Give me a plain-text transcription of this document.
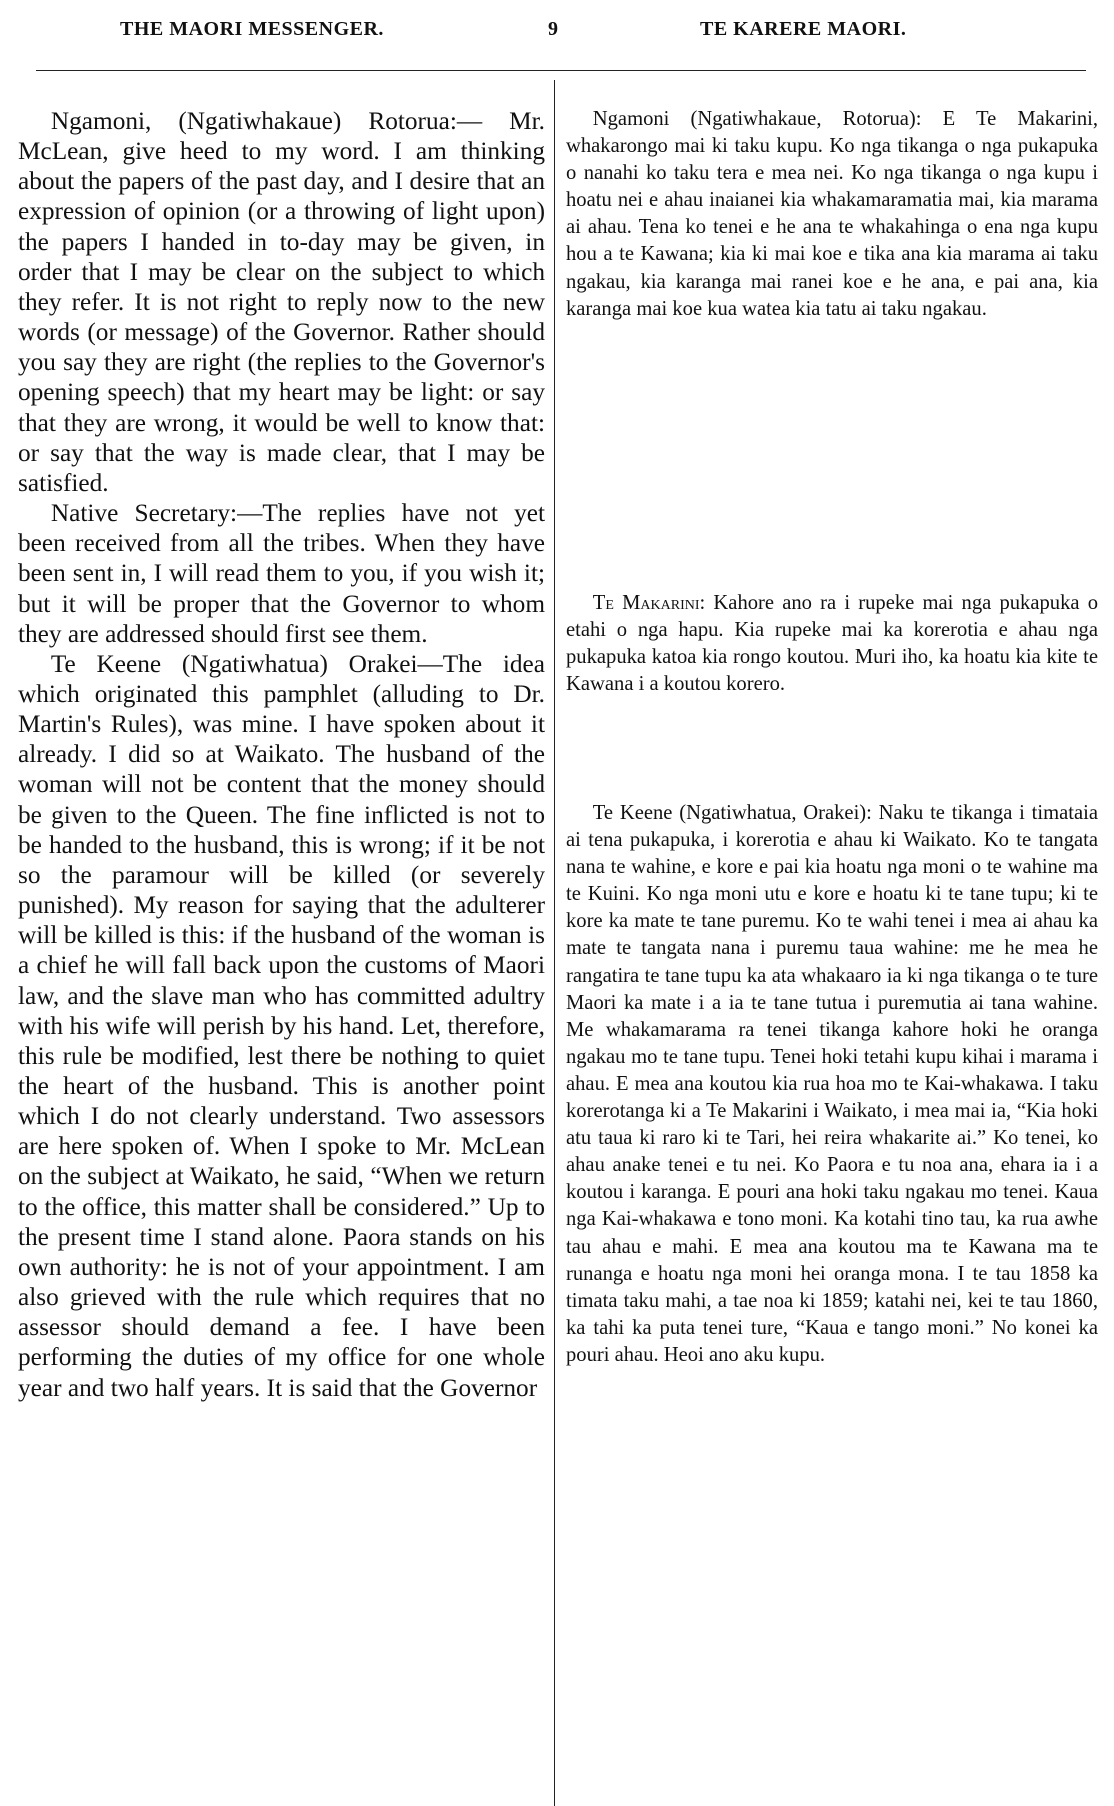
THE MAORI MESSENGER.	9	TE KARERE MAORI.

Ngamoni, (Ngatiwhakaue) Rotorua:— Mr. McLean, give heed to my word. I am thinking about the papers of the past day, and I desire that an expression of opinion (or a throwing of light upon) the papers I handed in to-day may be given, in order that I may be clear on the subject to which they refer. It is not right to reply now to the new words (or message) of the Governor. Rather should you say they are right (the replies to the Governor's opening speech) that my heart may be light: or say that they are wrong, it would be well to know that: or say that the way is made clear, that I may be satisfied.

Native Secretary:—The replies have not yet been received from all the tribes. When they have been sent in, I will read them to you, if you wish it; but it will be proper that the Governor to whom they are addressed should first see them.

Te Keene (Ngatiwhatua) Orakei—The idea which originated this pamphlet (alluding to Dr. Martin's Rules), was mine. I have spoken about it already. I did so at Waikato. The husband of the woman will not be content that the money should be given to the Queen. The fine inflicted is not to be handed to the husband, this is wrong; if it be not so the paramour will be killed (or severely punished). My reason for saying that the adulterer will be killed is this: if the husband of the woman is a chief he will fall back upon the customs of Maori law, and the slave man who has committed adultry with his wife will perish by his hand. Let, therefore, this rule be modified, lest there be nothing to quiet the heart of the husband. This is another point which I do not clearly understand. Two assessors are here spoken of. When I spoke to Mr. McLean on the subject at Waikato, he said, “When we return to the office, this matter shall be considered.” Up to the present time I stand alone. Paora stands on his own authority: he is not of your appointment. I am also grieved with the rule which requires that no assessor should demand a fee. I have been performing the duties of my office for one whole year and two half years. It is said that the Governor

Ngamoni (Ngatiwhakaue, Rotorua): E Te Makarini, whakarongo mai ki taku kupu. Ko nga tikanga o nga pukapuka o nanahi ko taku tera e mea nei. Ko nga tikanga o nga kupu i hoatu nei e ahau inaianei kia whakamaramatia mai, kia marama ai ahau. Tena ko tenei e he ana te whakahinga o ena nga kupu hou a te Kawana; kia ki mai koe e tika ana kia marama ai taku ngakau, kia karanga mai ranei koe e he ana, e pai ana, kia karanga mai koe kua watea kia tatu ai taku ngakau.

Te Makarini: Kahore ano ra i rupeke mai nga pukapuka o etahi o nga hapu. Kia rupeke mai ka korerotia e ahau nga pukapuka katoa kia rongo koutou. Muri iho, ka hoatu kia kite te Kawana i a koutou korero.

Te Keene (Ngatiwhatua, Orakei): Naku te tikanga i timataia ai tena pukapuka, i korerotia e ahau ki Waikato. Ko te tangata nana te wahine, e kore e pai kia hoatu nga moni o te wahine ma te Kuini. Ko nga moni utu e kore e hoatu ki te tane tupu; ki te kore ka mate te tane puremu. Ko te wahi tenei i mea ai ahau ka mate te tangata nana i puremu taua wahine: me he mea he rangatira te tane tupu ka ata whakaaro ia ki nga tikanga o te ture Maori ka mate i a ia te tane tutua i puremutia ai tana wahine. Me whakamarama ra tenei tikanga kahore hoki he oranga ngakau mo te tane tupu. Tenei hoki tetahi kupu kihai i marama i ahau. E mea ana koutou kia rua hoa mo te Kai-whakawa. I taku korerotanga ki a Te Makarini i Waikato, i mea mai ia, “Kia hoki atu taua ki raro ki te Tari, hei reira whakarite ai.” Ko tenei, ko ahau anake tenei e tu nei. Ko Paora e tu noa ana, ehara ia i a koutou i karanga. E pouri ana hoki taku ngakau mo tenei. Kaua nga Kai-whakawa e tono moni. Ka kotahi tino tau, ka rua awhe tau ahau e mahi. E mea ana koutou ma te Kawana ma te runanga e hoatu nga moni hei oranga mona. I te tau 1858 ka timata taku mahi, a tae noa ki 1859; katahi nei, kei te tau 1860, ka tahi ka puta tenei ture, “Kaua e tango moni.” No konei ka pouri ahau. Heoi ano aku kupu.
